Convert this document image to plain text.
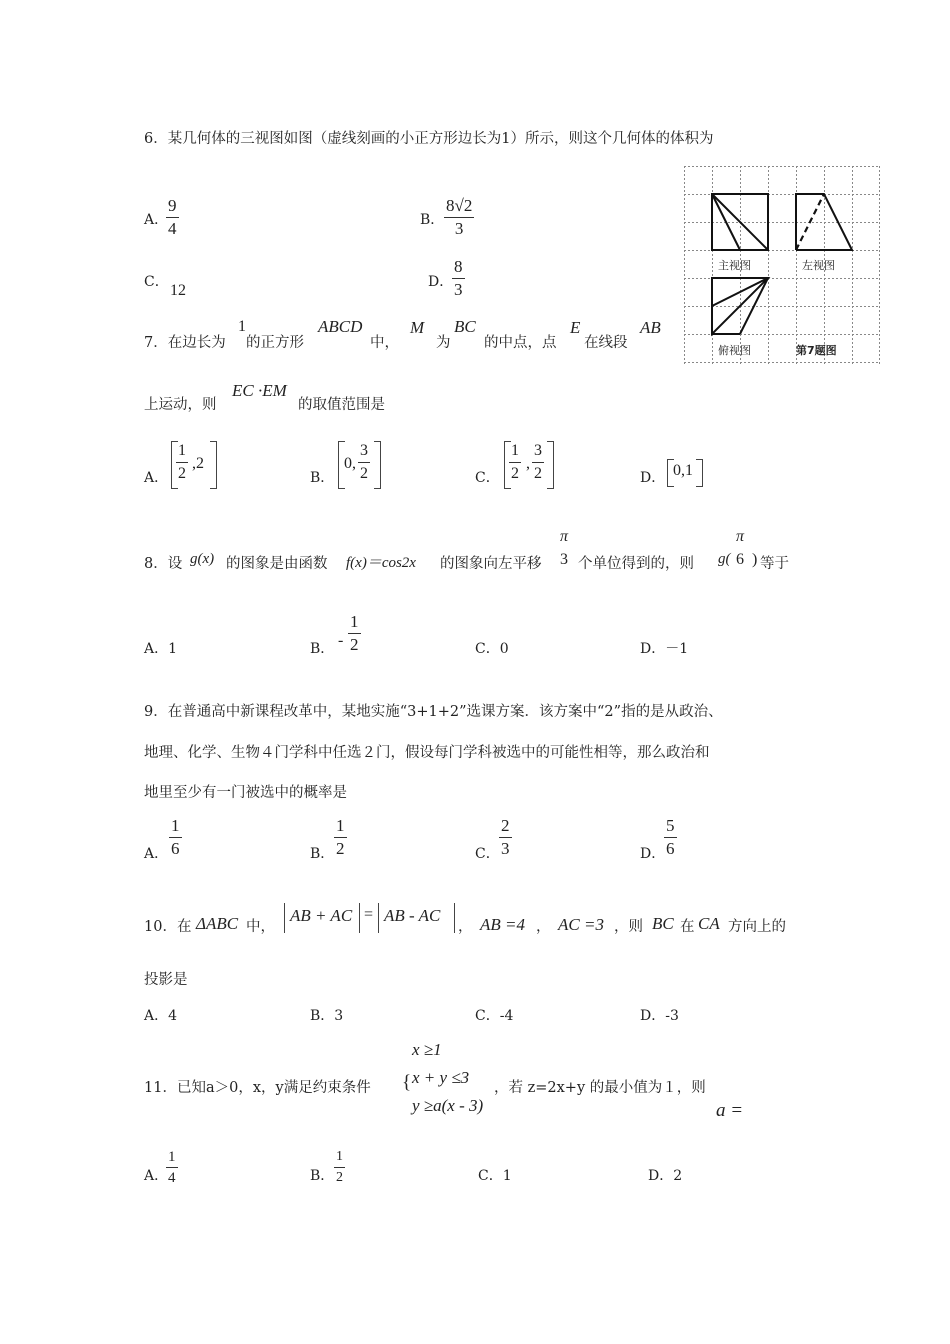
6．某几何体的三视图如图（虚线刻画的小正方形边长为1）所示，则这个几何体的体积为
A．
9
4	B．
8√2
3
C． 12	D．
8
3
主视图	左视图
俯视图	第7题图
7．在边长为
1
的正方形
ABCD
中，
M
为
BC
的中点，点
E
在线段
AB
上运动，则
EC ·EM
的取值范围是
A．
1
2
,2
B．
0,
3
2	C．
1
2
,
3
2	D． 0,1
8．设 g(x) 的图象是由函数 f(x)＝cos2x 的图象向左平移
π
3 个单位得到的，则 g(
π
6 ) 等于
A．1	B． -
1
2	C．0	D．－1
9．在普通高中新课程改革中，某地实施“3+1+2”选课方案．该方案中“2”指的是从政治、
地理、化学、生物４门学科中任选２门，假设每门学科被选中的可能性相等，那么政治和
地里至少有一门被选中的概率是
A．
1
6	B．
1
2	C．
2
3	D．
5
6
10．在 ΔABC 中，
AB + AC = AB - AC
， AB =4 ， AC =3 ，则 BC 在 CA 方向上的
投影是
A．4	B．3	C．-4	D．-3
x ≥1
11．已知a＞0，x，y满足约束条件 { x + y ≤3
，若 z=2x+y 的最小值为１，则
y ≥a(x - 3)	a =
A．
1
4	B．
1
2	C．1	D．2
